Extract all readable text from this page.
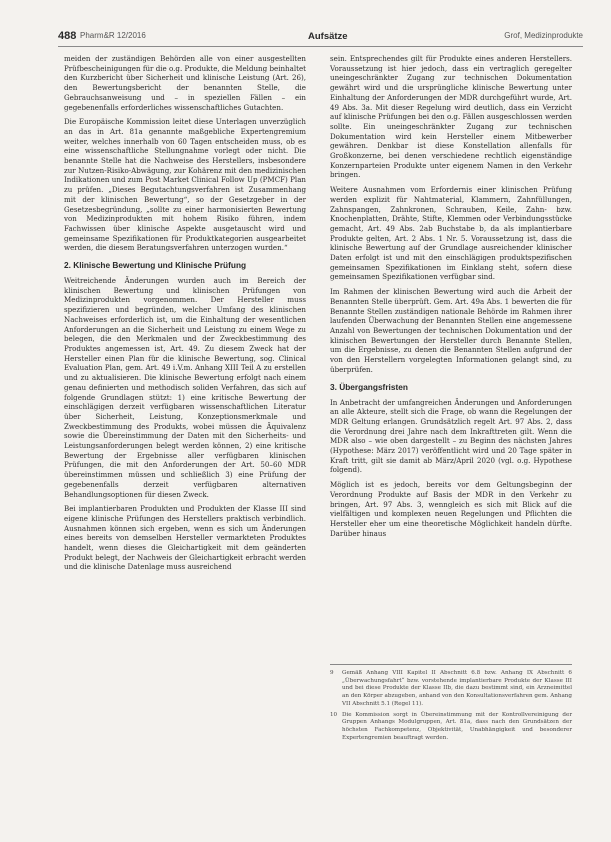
488 Pharm&R 12/2016	Aufsätze	Grof, Medizinprodukte

meiden der zuständigen Behörden alle von einer ausgestellten Prüfbescheinigungen für die o.g. Produkte, die Meldung beinhaltet den Kurzbericht über Sicherheit und klinische Leistung (Art. 26), den Bewertungsbericht der benannten Stelle, die Gebrauchsanweisung und – in speziellen Fällen – ein gegebenenfalls erforderliches wissenschaftliches Gutachten.

Die Europäische Kommission leitet diese Unterlagen unverzüglich an das in Art. 81a genannte maßgebliche Expertengremium weiter, welches innerhalb von 60 Tagen entscheiden muss, ob es eine wissenschaftliche Stellungnahme vorlegt oder nicht. Die benannte Stelle hat die Nachweise des Herstellers, insbesondere zur Nutzen-Risiko-Abwägung, zur Kohärenz mit den medizinischen Indikationen und zum Post Market Clinical Follow Up (PMCF) Plan zu prüfen. „Dieses Begutachtungsverfahren ist Zusammenhang mit der klinischen Bewertung“, so der Gesetzgeber in der Gesetzesbegründung, „sollte zu einer harmonisierten Bewertung von Medizinprodukten mit hohem Risiko führen, indem Fachwissen über klinische Aspekte ausgetauscht wird und gemeinsame Spezifikationen für Produktkategorien ausgearbeitet werden, die diesem Beratungsverfahren unterzogen wurden.“

2. Klinische Bewertung und Klinische Prüfung

Weitreichende Änderungen wurden auch im Bereich der klinischen Bewertung und klinischen Prüfungen von Medizinprodukten vorgenommen. Der Hersteller muss spezifizieren und begründen, welcher Umfang des klinischen Nachweises erforderlich ist, um die Einhaltung der wesentlichen Anforderungen an die Sicherheit und Leistung zu einem Wege zu belegen, die den Merkmalen und der Zweckbestimmung des Produktes angemessen ist, Art. 49. Zu diesem Zweck hat der Hersteller einen Plan für die klinische Bewertung, sog. Clinical Evaluation Plan, gem. Art. 49 i.V.m. Anhang XIII Teil A zu erstellen und zu aktualisieren. Die klinische Bewertung erfolgt nach einem genau definierten und methodisch soliden Verfahren, das sich auf folgende Grundlagen stützt: 1) eine kritische Bewertung der einschlägigen derzeit verfügbaren wissenschaftlichen Literatur über Sicherheit, Leistung, Konzeptionsmerkmale und Zweckbestimmung des Produkts, wobei müssen die Äquivalenz sowie die Übereinstimmung der Daten mit den Sicherheits- und Leistungsanforderungen belegt werden können, 2) eine kritische Bewertung der Ergebnisse aller verfügbaren klinischen Prüfungen, die mit den Anforderungen der Art. 50–60 MDR übereinstimmen müssen und schließlich 3) eine Prüfung der gegebenenfalls derzeit verfügbaren alternativen Behandlungsoptionen für diesen Zweck.

Bei implantierbaren Produkten und Produkten der Klasse III sind eigene klinische Prüfungen des Herstellers praktisch verbindlich. Ausnahmen können sich ergeben, wenn es sich um Änderungen eines bereits von demselben Hersteller vermarkteten Produktes handelt, wenn dieses die Gleichartigkeit mit dem geänderten Produkt belegt, der Nachweis der Gleichartigkeit erbracht werden und die klinische Datenlage muss ausreichend

sein. Entsprechendes gilt für Produkte eines anderen Herstellers. Voraussetzung ist hier jedoch, dass ein vertraglich geregelter uneingeschränkter Zugang zur technischen Dokumentation gewährt wird und die ursprüngliche klinische Bewertung unter Einhaltung der Anforderungen der MDR durchgeführt wurde, Art. 49 Abs. 3a. Mit dieser Regelung wird deutlich, dass ein Verzicht auf klinische Prüfungen bei den o.g. Fällen ausgeschlossen werden sollte. Ein uneingeschränkter Zugang zur technischen Dokumentation wird kein Hersteller einem Mitbewerber gewähren. Denkbar ist diese Konstellation allenfalls für Großkonzerne, bei denen verschiedene rechtlich eigenständige Konzernparteien Produkte unter eigenem Namen in den Verkehr bringen.

Weitere Ausnahmen vom Erfordernis einer klinischen Prüfung werden explizit für Nahtmaterial, Klammern, Zahnfüllungen, Zahnspangen, Zahnkronen, Schrauben, Keile, Zahn- bzw. Knochenplatten, Drähte, Stifte, Klemmen oder Verbindungsstücke gemacht, Art. 49 Abs. 2ab Buchstabe b, da als implantierbare Produkte gelten, Art. 2 Abs. 1 Nr. 5. Voraussetzung ist, dass die klinische Bewertung auf der Grundlage ausreichender klinischer Daten erfolgt ist und mit den einschlägigen produktspezifischen gemeinsamen Spezifikationen im Einklang steht, sofern diese gemeinsamen Spezifikationen verfügbar sind.

Im Rahmen der klinischen Bewertung wird auch die Arbeit der Benannten Stelle überprüft. Gem. Art. 49a Abs. 1 bewerten die für Benannte Stellen zuständigen nationale Behörde im Rahmen ihrer laufenden Überwachung der Benannten Stellen eine angemessene Anzahl von Bewertungen der technischen Dokumentation und der klinischen Bewertungen der Hersteller durch Benannte Stellen, um die Ergebnisse, zu denen die Benannten Stellen aufgrund der von den Herstellern vorgelegten Informationen gelangt sind, zu überprüfen.

3. Übergangsfristen

In Anbetracht der umfangreichen Änderungen und Anforderungen an alle Akteure, stellt sich die Frage, ob wann die Regelungen der MDR Geltung erlangen. Grundsätzlich regelt Art. 97 Abs. 2, dass die Verordnung drei Jahre nach dem Inkrafttreten gilt. Wenn die MDR also – wie oben dargestellt – zu Beginn des nächsten Jahres (Hypothese: März 2017) veröffentlicht wird und 20 Tage später in Kraft tritt, gilt sie damit ab März/April 2020 (vgl. o.g. Hypothese folgend).

Möglich ist es jedoch, bereits vor dem Geltungsbeginn der Verordnung Produkte auf Basis der MDR in den Verkehr zu bringen, Art. 97 Abs. 3, wenngleich es sich mit Blick auf die vielfältigen und komplexen neuen Regelungen und Pflichten die Hersteller eher um eine theoretische Möglichkeit handeln dürfte. Darüber hinaus

9	Gemäß Anhang VIII Kapitel II Abschnitt 6.8 bzw. Anhang IX Abschnitt 6 „Überwachungsfahrt“ bzw. vorstehende implantierbare Produkte der Klasse III und bei diese Produkte der Klasse IIb, die dazu bestimmt sind, ein Arzneimittel an den Körper abzugeben, anhand von den Konsultationsverfahren gem. Anhang VII Abschnitt 5.1 (Regel 11).
10 Die Kommission sorgt in Übereinstimmung mit der Kontrollvereinigung der Gruppen Anhangs Modulgruppen, Art. 81a, dass nach den Grundsätzen der höchsten Fachkompetenz, Objektivität, Unabhängigkeit und besonderer Expertengremien beauftragt werden.
